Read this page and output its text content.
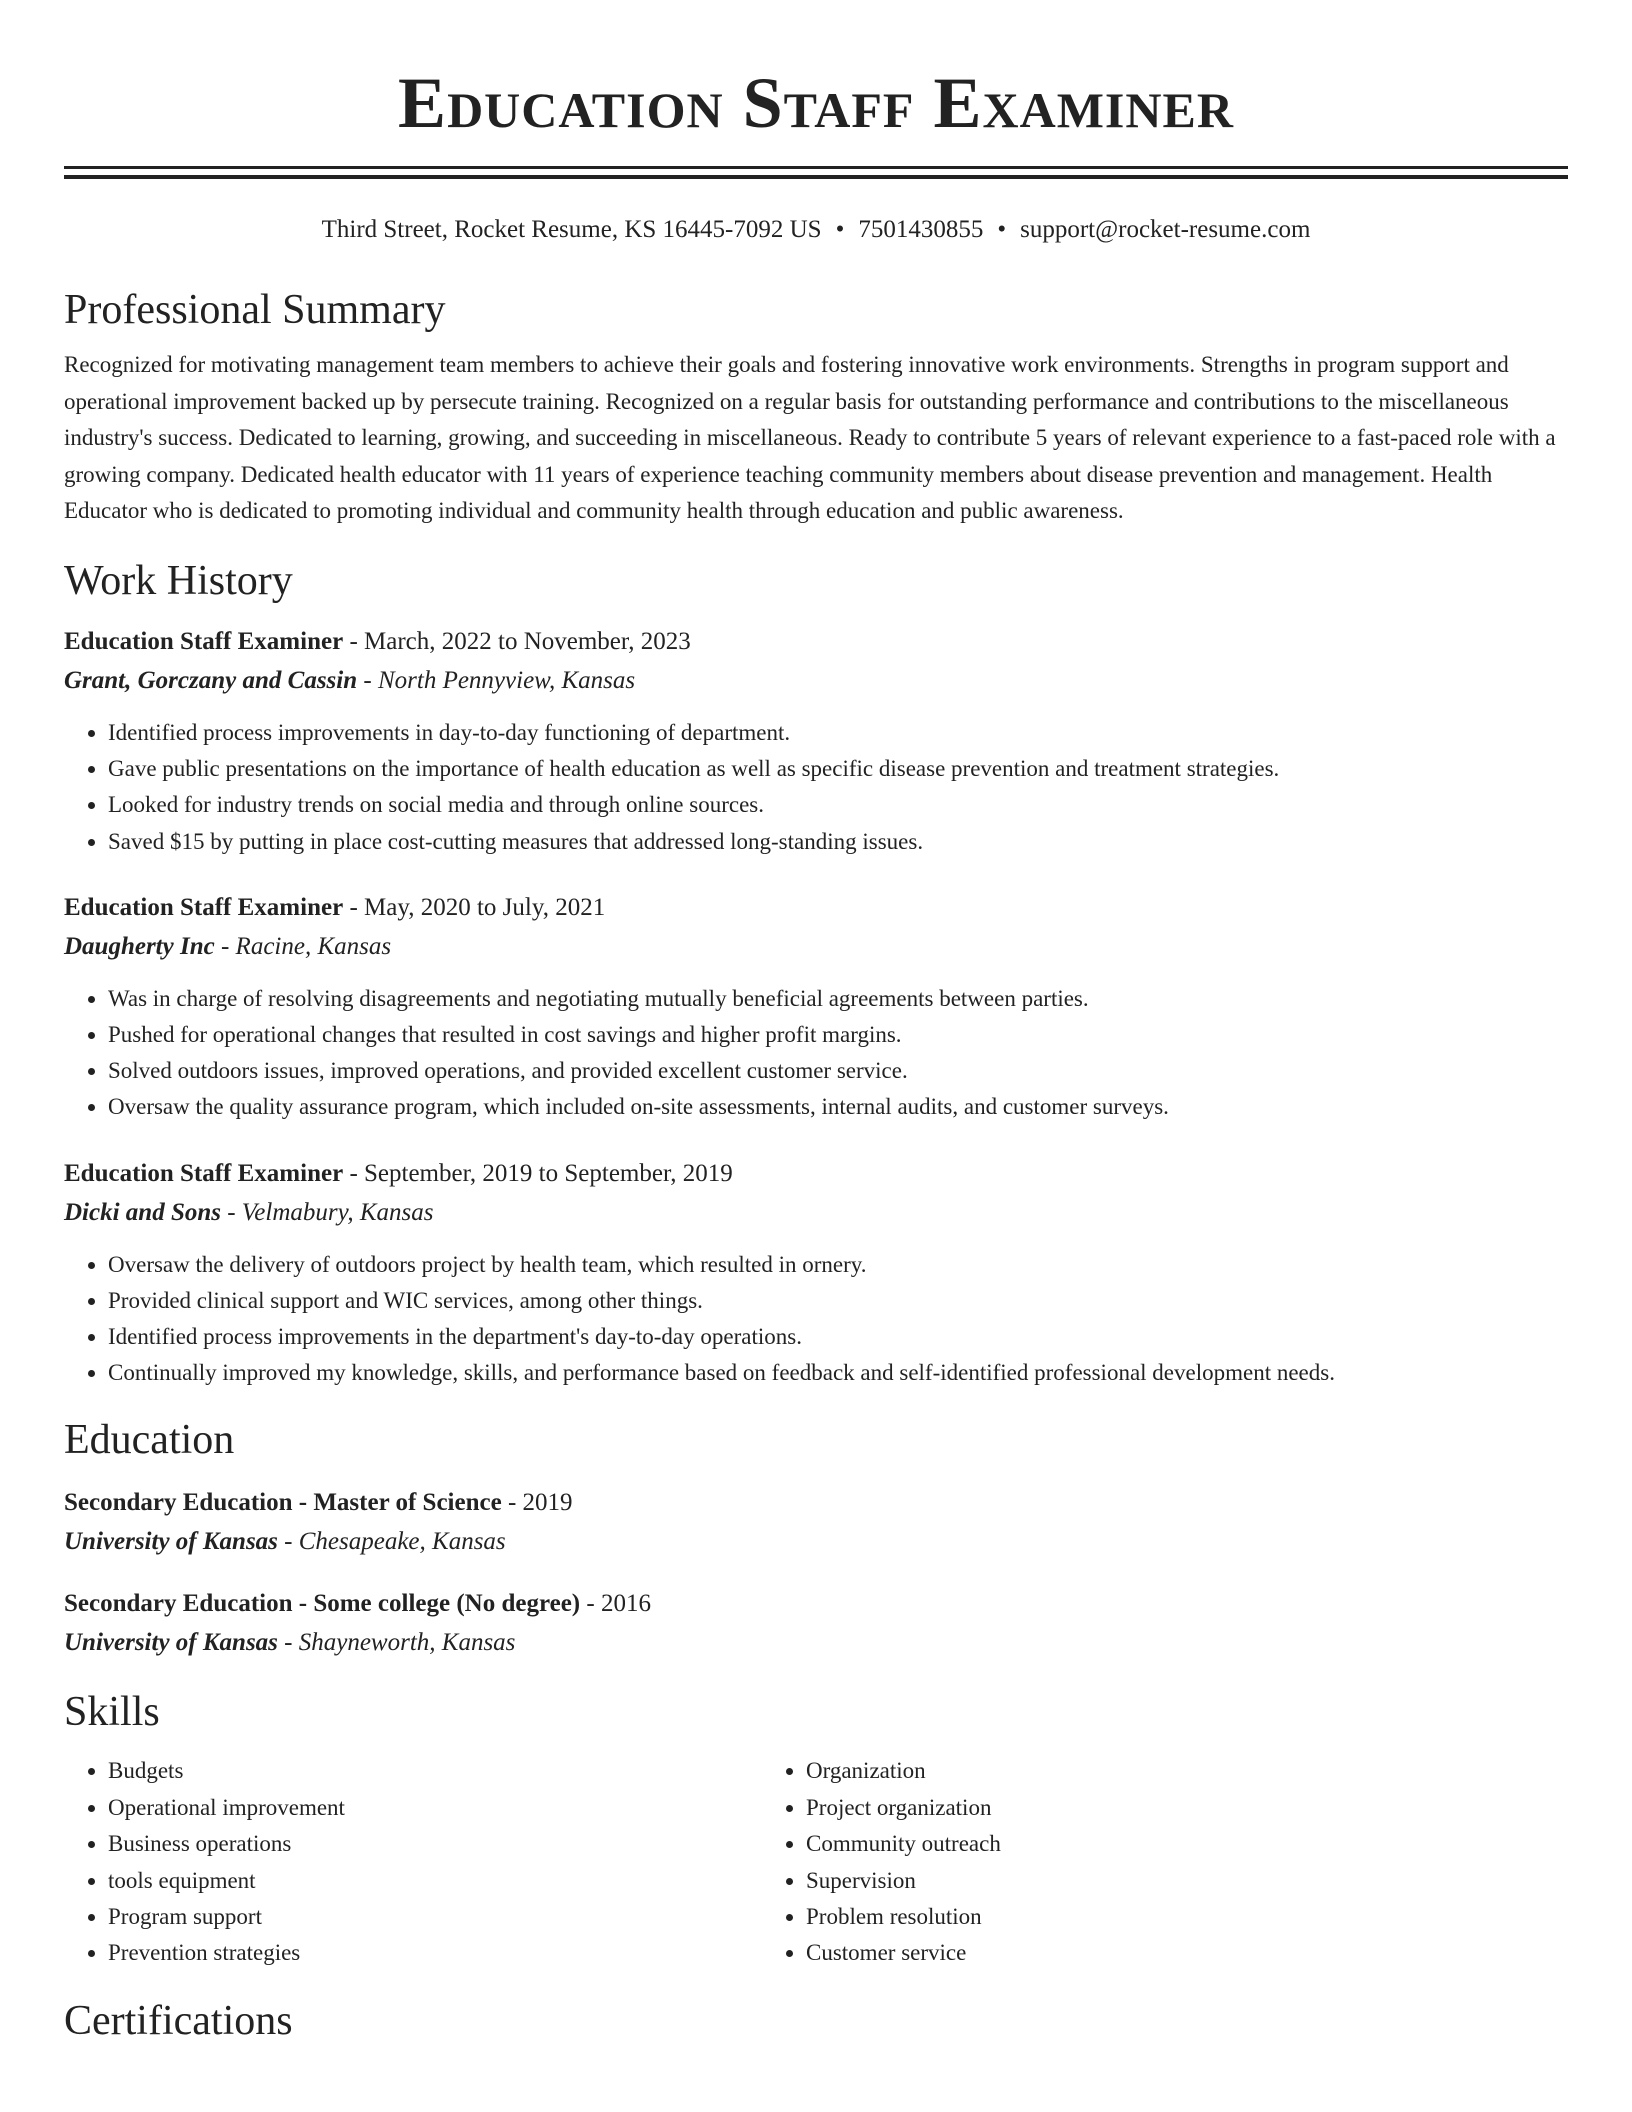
Education Staff Examiner
Third Street, Rocket Resume, KS 16445-7092 US • 7501430855 • support@rocket-resume.com
Professional Summary

Recognized for motivating management team members to achieve their goals and fostering innovative work environments. Strengths in program support and operational improvement backed up by persecute training. Recognized on a regular basis for outstanding performance and contributions to the miscellaneous industry's success. Dedicated to learning, growing, and succeeding in miscellaneous. Ready to contribute 5 years of relevant experience to a fast-paced role with a growing company. Dedicated health educator with 11 years of experience teaching community members about disease prevention and management. Health Educator who is dedicated to promoting individual and community health through education and public awareness.

Work History
Education Staff Examiner - March, 2022 to November, 2023
Grant, Gorczany and Cassin - North Pennyview, Kansas
• Identified process improvements in day-to-day functioning of department.
• Gave public presentations on the importance of health education as well as specific disease prevention and treatment strategies.
• Looked for industry trends on social media and through online sources.
• Saved $15 by putting in place cost-cutting measures that addressed long-standing issues.
Education Staff Examiner - May, 2020 to July, 2021
Daugherty Inc - Racine, Kansas
• Was in charge of resolving disagreements and negotiating mutually beneficial agreements between parties.
• Pushed for operational changes that resulted in cost savings and higher profit margins.
• Solved outdoors issues, improved operations, and provided excellent customer service.
• Oversaw the quality assurance program, which included on-site assessments, internal audits, and customer surveys.
Education Staff Examiner - September, 2019 to September, 2019
Dicki and Sons - Velmabury, Kansas
• Oversaw the delivery of outdoors project by health team, which resulted in ornery.
• Provided clinical support and WIC services, among other things.
• Identified process improvements in the department's day-to-day operations.
• Continually improved my knowledge, skills, and performance based on feedback and self-identified professional development needs.
Education
Secondary Education - Master of Science - 2019
University of Kansas - Chesapeake, Kansas
Secondary Education - Some college (No degree) - 2016
University of Kansas - Shayneworth, Kansas
Skills
• Budgets
• Operational improvement
• Business operations
• tools equipment
• Program support
• Prevention strategies
• Organization
• Project organization
• Community outreach
• Supervision
• Problem resolution
• Customer service
Certifications
